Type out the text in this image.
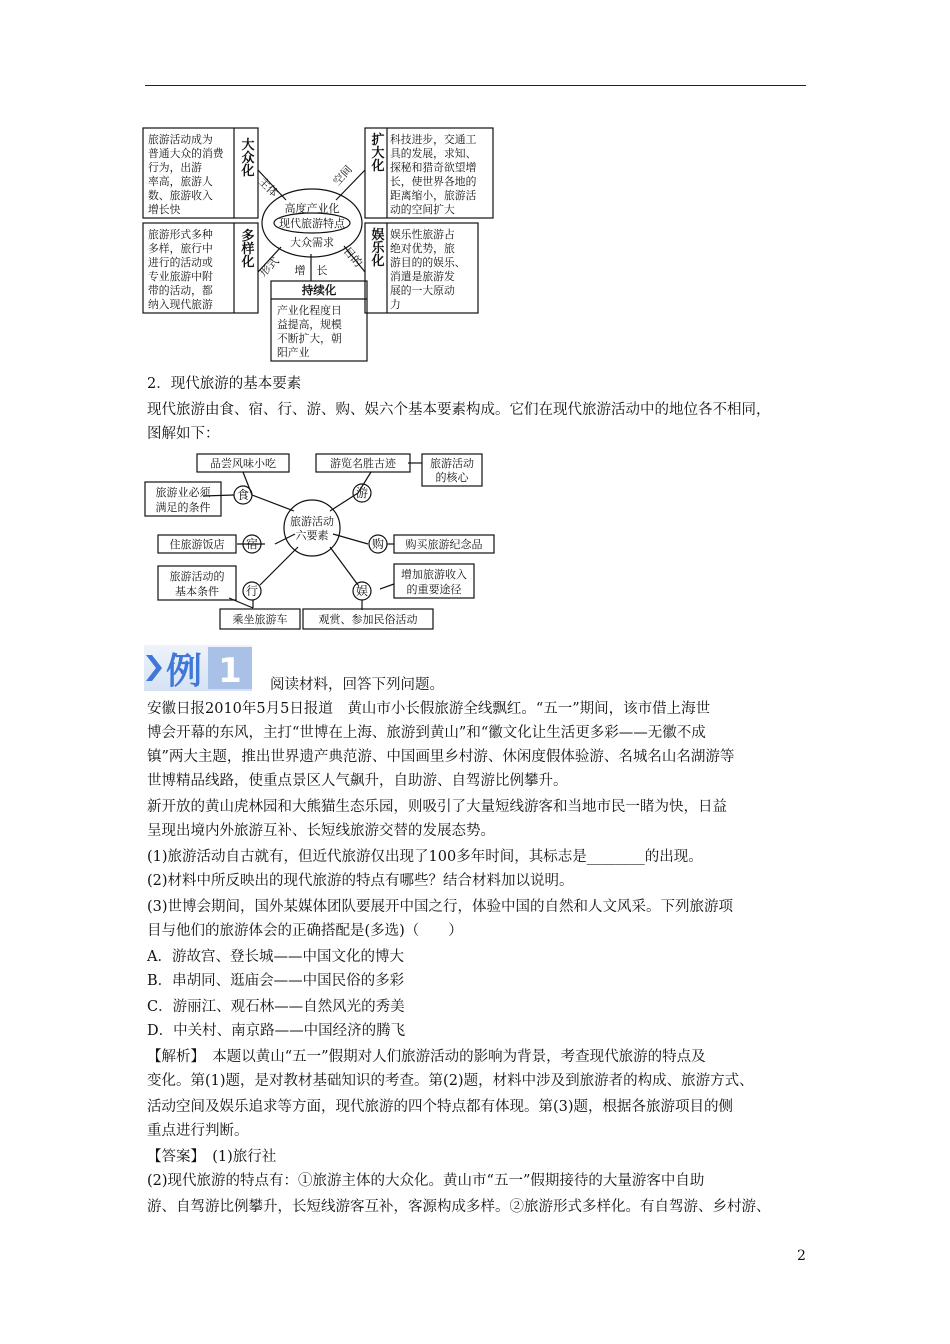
高度产业化
现代旅游特点
大众需求
主体	空间
形式	目的
增　长
大众化
多样化
扩大化
娱乐化
持续化
旅游活动成为
普通大众的消费
行为，出游
率高，旅游人
数、旅游收入
增长快
旅游形式多种
多样，旅行中
进行的活动或
专业旅游中附
带的活动，都
纳入现代旅游
科技进步，交通工
具的发展，求知、
探秘和猎奇欲望增
长，使世界各地的
距离缩小，旅游活
动的空间扩大
娱乐性旅游占
绝对优势，旅
游目的的娱乐、
消遣是旅游发
展的一大原动
力
产业化程度日
益提高，规模
不断扩大，朝
阳产业
2．现代旅游的基本要素
现代旅游由食、宿、行、游、购、娱六个基本要素构成。它们在现代旅游活动中的地位各不相同，
图解如下：
旅游活动
六要素
食	游
宿	购
行	娱
品尝风味小吃	游览名胜古迹	旅游活动
的核心
旅游业必须
满足的条件
住旅游饭店	购买旅游纪念品
旅游活动的
基本条件
增加旅游收入
的重要途径
乘坐旅游车	观赏、参加民俗活动
例 1 阅读材料，回答下列问题。
安徽日报2010年5月5日报道　黄山市小长假旅游全线飘红。“五一”期间，该市借上海世
博会开幕的东风，主打“世博在上海、旅游到黄山”和“徽文化让生活更多彩——无徽不成
镇”两大主题，推出世界遗产典范游、中国画里乡村游、休闲度假体验游、名城名山名湖游等
世博精品线路，使重点景区人气飙升，自助游、自驾游比例攀升。
新开放的黄山虎林园和大熊猫生态乐园，则吸引了大量短线游客和当地市民一睹为快，日益
呈现出境内外旅游互补、长短线旅游交替的发展态势。
(1)旅游活动自古就有，但近代旅游仅出现了100多年时间，其标志是________的出现。
(2)材料中所反映出的现代旅游的特点有哪些？结合材料加以说明。
(3)世博会期间，国外某媒体团队要展开中国之行，体验中国的自然和人文风采。下列旅游项
目与他们的旅游体会的正确搭配是(多选)（　　）
A．游故宫、登长城——中国文化的博大
B．串胡同、逛庙会——中国民俗的多彩
C．游丽江、观石林——自然风光的秀美
D．中关村、南京路——中国经济的腾飞
【解析】　本题以黄山“五一”假期对人们旅游活动的影响为背景，考查现代旅游的特点及
变化。第(1)题，是对教材基础知识的考查。第(2)题，材料中涉及到旅游者的构成、旅游方式、
活动空间及娱乐追求等方面，现代旅游的四个特点都有体现。第(3)题，根据各旅游项目的侧
重点进行判断。
【答案】　(1)旅行社
(2)现代旅游的特点有：①旅游主体的大众化。黄山市“五一”假期接待的大量游客中自助
游、自驾游比例攀升，长短线游客互补，客源构成多样。②旅游形式多样化。有自驾游、乡村游、
2
